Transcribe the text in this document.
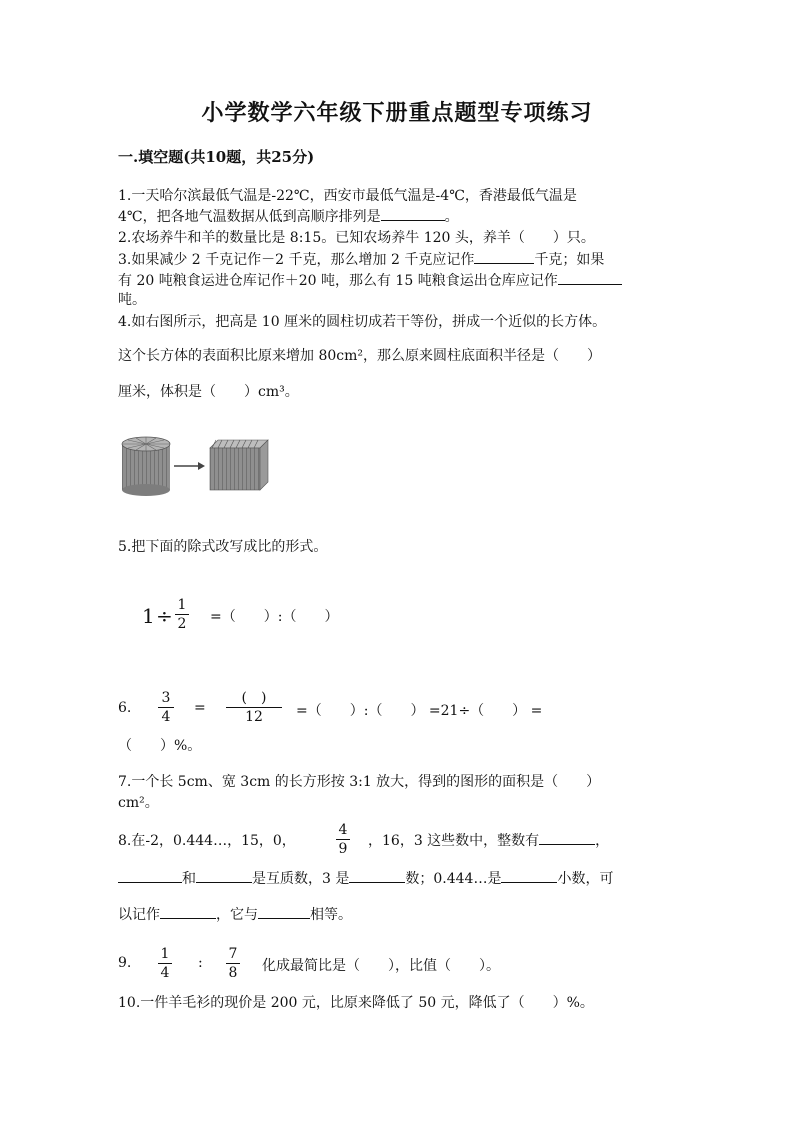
小学数学六年级下册重点题型专项练习
一.填空题(共10题，共25分)
1.一天哈尔滨最低气温是-22℃，西安市最低气温是-4℃，香港最低气温是
4℃，把各地气温数据从低到高顺序排列是	。
2.农场养牛和羊的数量比是 8:15。已知农场养牛 120 头，养羊（　　）只。
3.如果减少 2 千克记作－2 千克，那么增加 2 千克应记作	千克；如果
有 20 吨粮食运进仓库记作＋20 吨，那么有 15 吨粮食运出仓库应记作
吨。
4.如右图所示，把高是 10 厘米的圆柱切成若干等份，拼成一个近似的长方体。
这个长方体的表面积比原来增加 80cm²，那么原来圆柱底面积半径是（　　）
厘米，体积是（　　）cm³。
5.把下面的除式改写成比的形式。
1 ÷ 1
2 =（　　）:（　　）
6.
3
4
=
(　)
12	=（　　）:（　　） =21÷（　　） =
（　　）%。
7.一个长 5cm、宽 3cm 的长方形按 3:1 放大，得到的图形的面积是（　　）
cm²。
8.在-2，0.444…，15，0，
4
9 ，16，3 这些数中，整数有	，
和	是互质数，3 是	数；0.444…是	小数，可
以记作	，它与	相等。
9.
1
4
:
7
8 化成最简比是（　　），比值（　　）。
10.一件羊毛衫的现价是 200 元，比原来降低了 50 元，降低了（　　）%。
